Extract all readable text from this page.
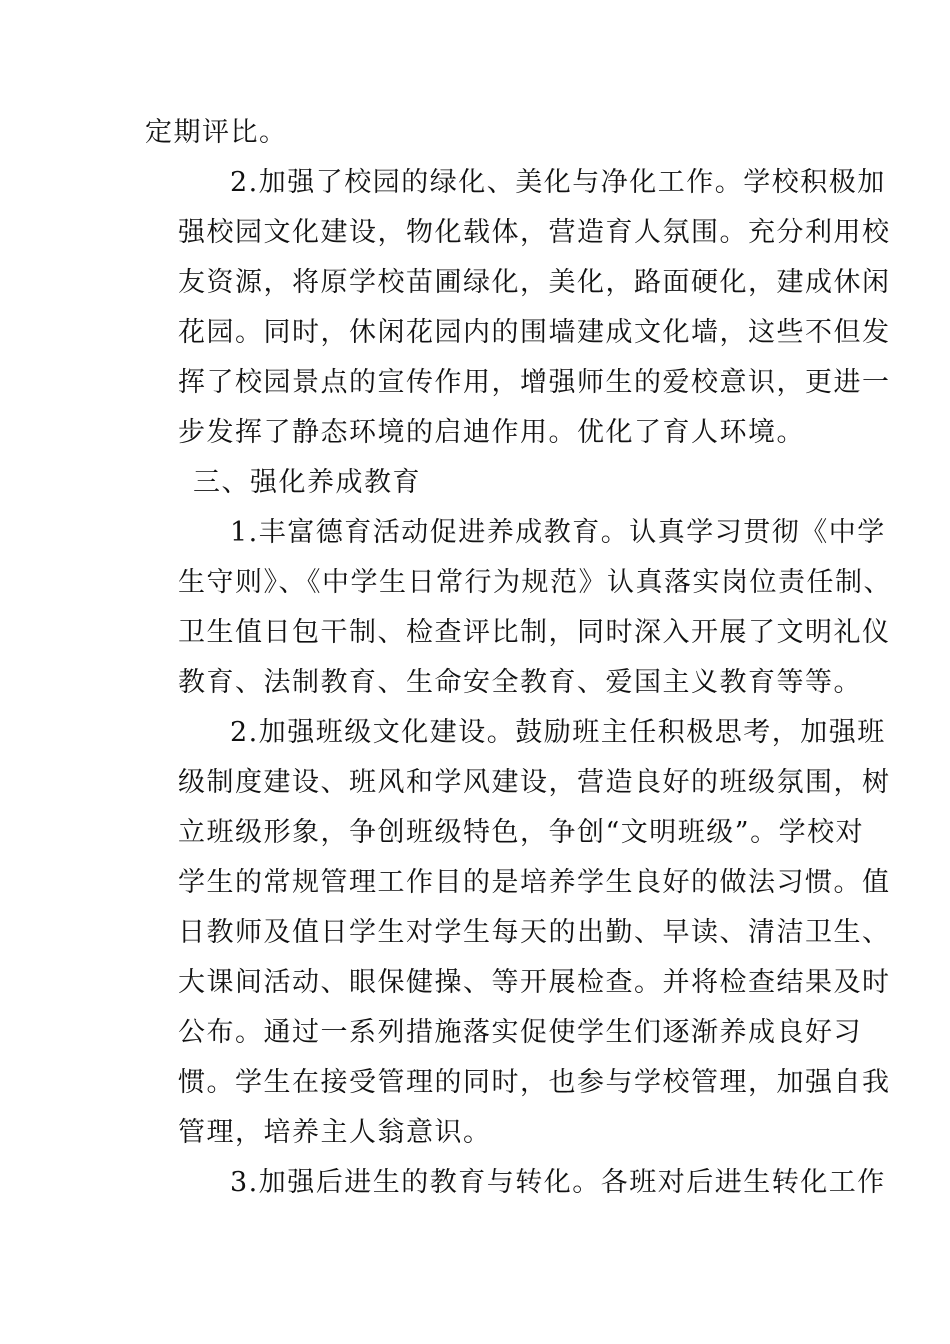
定期评比。
2.加强了校园的绿化、美化与净化工作。学校积极加
强校园文化建设，物化载体，营造育人氛围。充分利用校
友资源，将原学校苗圃绿化，美化，路面硬化，建成休闲
花园。同时，休闲花园内的围墙建成文化墙，这些不但发
挥了校园景点的宣传作用，增强师生的爱校意识，更进一
步发挥了静态环境的启迪作用。优化了育人环境。
三、强化养成教育
1.丰富德育活动促进养成教育。认真学习贯彻《中学
生守则》、《中学生日常行为规范》认真落实岗位责任制、
卫生值日包干制、检查评比制，同时深入开展了文明礼仪
教育、法制教育、生命安全教育、爱国主义教育等等。
2.加强班级文化建设。鼓励班主任积极思考，加强班
级制度建设、班风和学风建设，营造良好的班级氛围，树
立班级形象，争创班级特色，争创“文明班级”。学校对
学生的常规管理工作目的是培养学生良好的做法习惯。值
日教师及值日学生对学生每天的出勤、早读、清洁卫生、
大课间活动、眼保健操、等开展检查。并将检查结果及时
公布。通过一系列措施落实促使学生们逐渐养成良好习
惯。学生在接受管理的同时，也参与学校管理，加强自我
管理，培养主人翁意识。
3.加强后进生的教育与转化。各班对后进生转化工作
